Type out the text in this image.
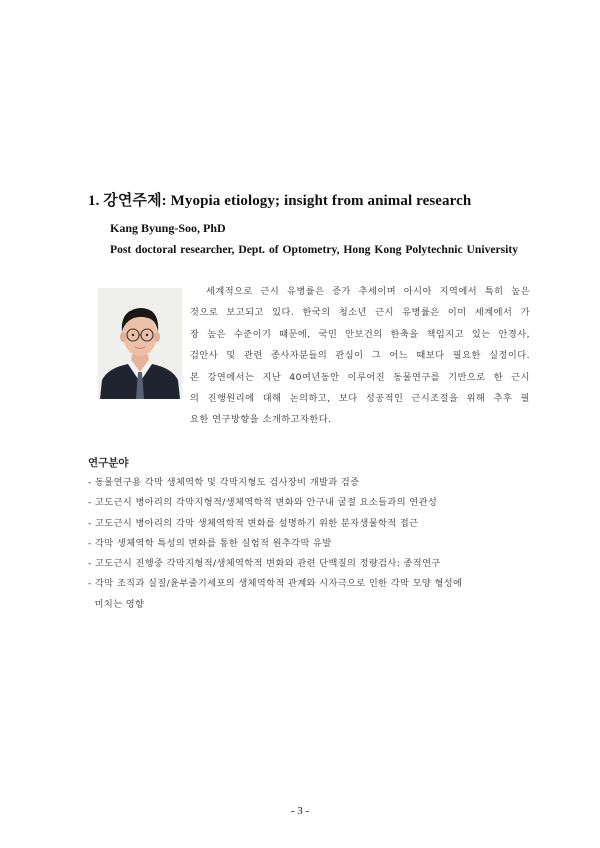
1. 강연주제: Myopia etiology; insight from animal research
Kang Byung-Soo, PhD
Post doctoral researcher, Dept. of Optometry, Hong Kong Polytechnic University
세계적으로 근시 유병률은 증가 추세이며 아시아 지역에서 특히 높은
것으로 보고되고 있다. 한국의 청소년 근시 유병률은 이미 세계에서 가
장 높은 수준이기 때문에, 국민 안보건의 한축을 책임지고 있는 안경사,
검안사 및 관련 종사자분들의 관심이 그 어느 때보다 필요한 실정이다.
본 강연에서는 지난 40여년동안 이루어진 동물연구를 기반으로 한 근시
의 진행원리에 대해 논의하고, 보다 성공적인 근시조절을 위해 추후 필
요한 연구방향을 소개하고자한다.
연구분야
- 동물연구용 각막 생체역학 및 각막지형도 검사장비 개발과 검증
- 고도근시 병아리의 각막지형적/생체역학적 변화와 안구내 굴절 요소들과의 연관성
- 고도근시 병아리의 각막 생체역학적 변화를 설명하기 위한 분자생물학적 접근
- 각막 생체역학 특성의 변화를 통한 실험적 원추각막 유발
- 고도근시 진행중 각막지형적/생체역학적 변화와 관련 단백질의 정량검사: 종적연구
- 각막 조직과 실질/윤부줄기세포의 생체역학적 관계와 시자극으로 인한 각막 모양 형성에
미치는 영향
- 3 -
